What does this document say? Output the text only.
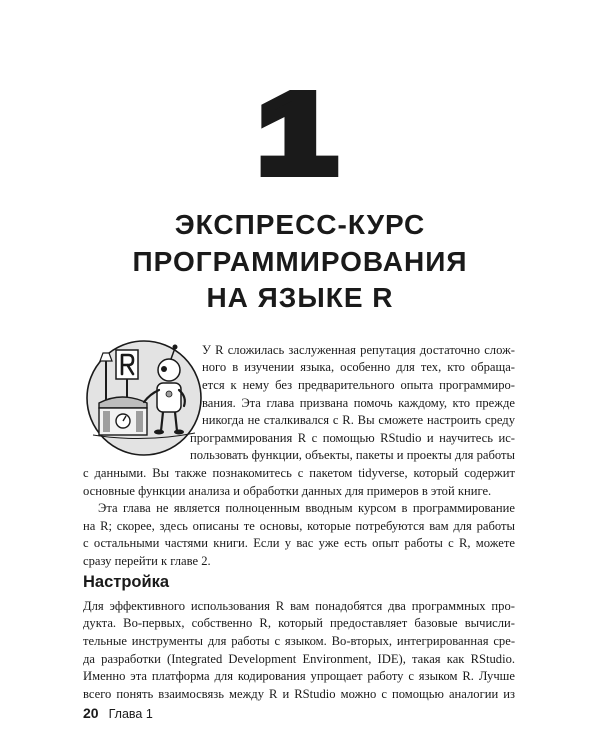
1
ЭКСПРЕСС-КУРС
ПРОГРАММИРОВАНИЯ
НА ЯЗЫКЕ R
У R сложилась заслуженная репутация достаточно слож-
ного в изучении языка, особенно для тех, кто обраща-
ется к нему без предварительного опыта программиро-
вания. Эта глава призвана помочь каждому, кто прежде
никогда не сталкивался с R. Вы сможете настроить среду
программирования R с помощью RStudio и научитесь ис-
пользовать функции, объекты, пакеты и проекты для работы
с данными. Вы также познакомитесь с пакетом tidyverse, который содержит
основные функции анализа и обработки данных для примеров в этой книге.
Эта глава не является полноценным вводным курсом в программирование
на R; скорее, здесь описаны те основы, которые потребуются вам для работы
с остальными частями книги. Если у вас уже есть опыт работы с R, можете
сразу перейти к главе 2.
Настройка
Для эффективного использования R вам понадобятся два программных про-
дукта. Во-первых, собственно R, который предоставляет базовые вычисли-
тельные инструменты для работы с языком. Во-вторых, интегрированная сре-
да разработки (Integrated Development Environment, IDE), такая как RStudio.
Именно эта платформа для кодирования упрощает работу с языком R. Лучше
всего понять взаимосвязь между R и RStudio можно с помощью аналогии из
20 Глава 1
